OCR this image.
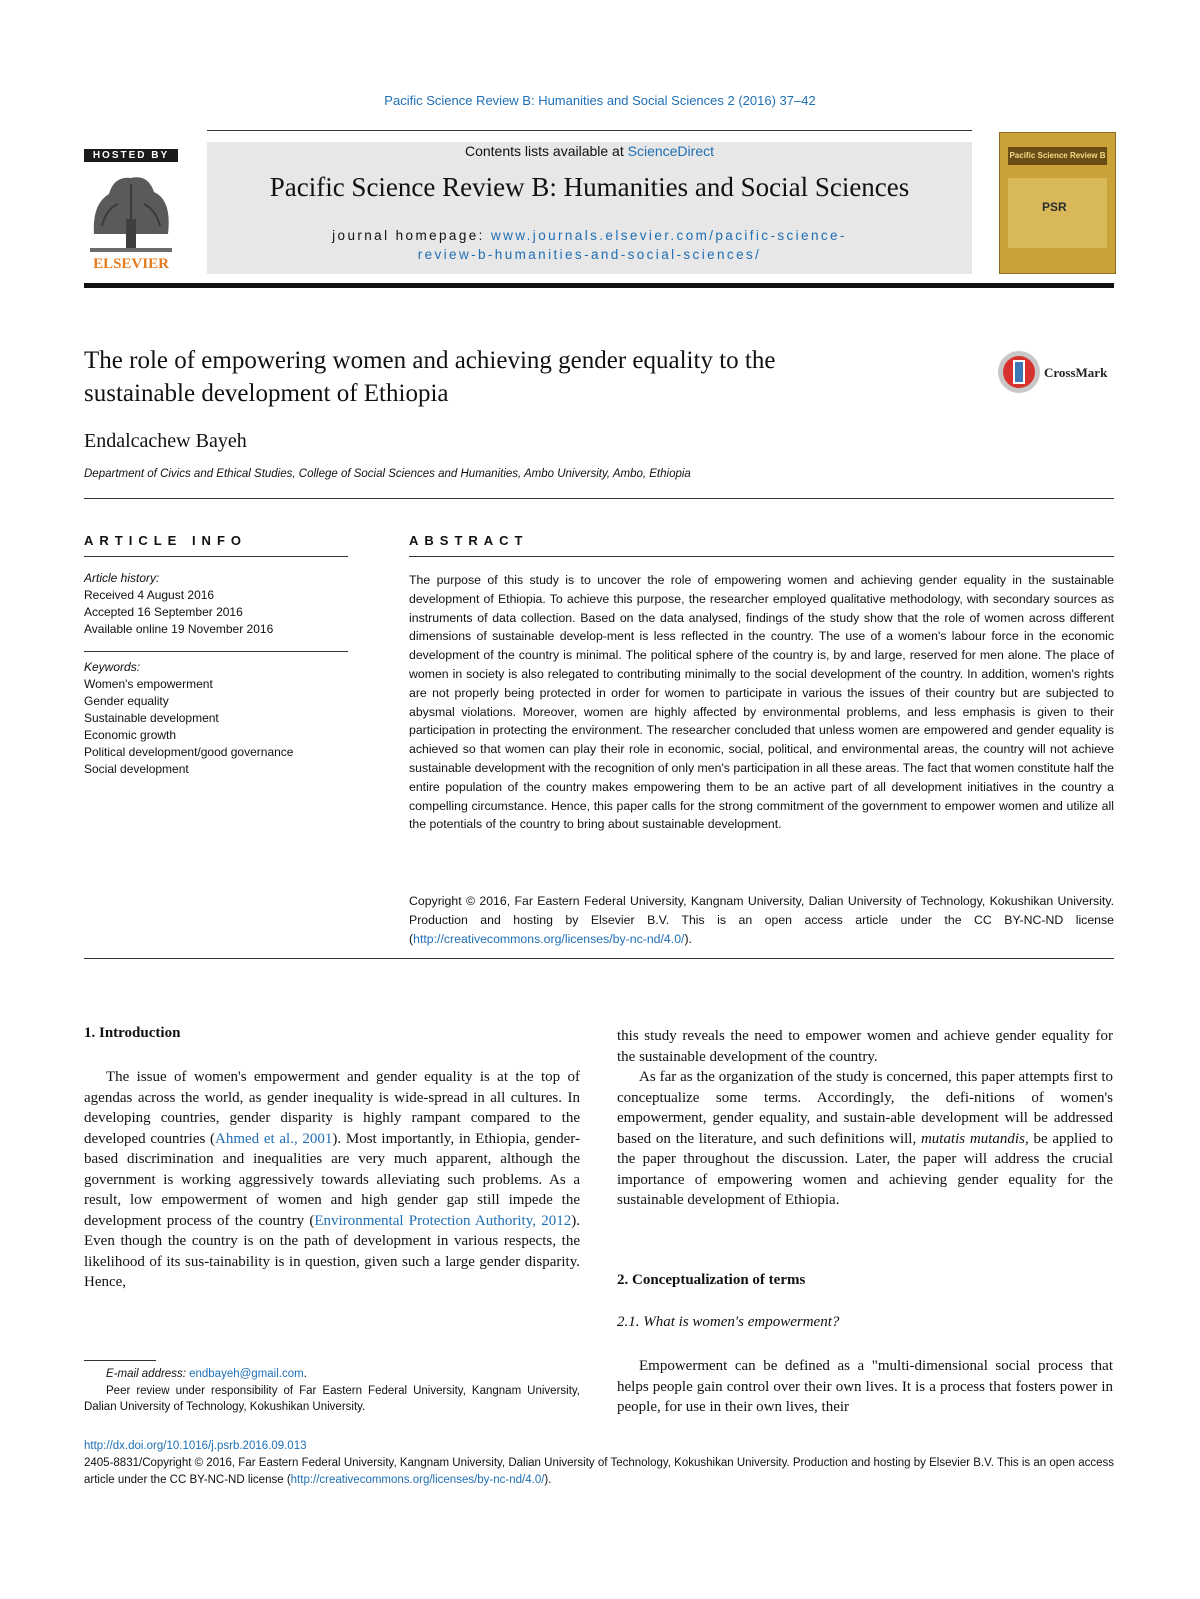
Pacific Science Review B: Humanities and Social Sciences 2 (2016) 37–42
HOSTED BY
ELSEVIER
Contents lists available at ScienceDirect
Pacific Science Review B: Humanities and Social Sciences
journal homepage: www.journals.elsevier.com/pacific-science-
review-b-humanities-and-social-sciences/
Pacific Science Review B
PSR
The role of empowering women and achieving gender equality to the
sustainable development of Ethiopia
CrossMark
Endalcachew Bayeh
Department of Civics and Ethical Studies, College of Social Sciences and Humanities, Ambo University, Ambo, Ethiopia
ARTICLE INFO
Article history:
Received 4 August 2016
Accepted 16 September 2016
Available online 19 November 2016
Keywords:
Women's empowerment
Gender equality
Sustainable development
Economic growth
Political development/good governance
Social development
ABSTRACT
The purpose of this study is to uncover the role of empowering women and achieving gender equality in the sustainable development of Ethiopia. To achieve this purpose, the researcher employed qualitative methodology, with secondary sources as instruments of data collection. Based on the data analysed, findings of the study show that the role of women across different dimensions of sustainable develop-ment is less reflected in the country. The use of a women's labour force in the economic development of the country is minimal. The political sphere of the country is, by and large, reserved for men alone. The place of women in society is also relegated to contributing minimally to the social development of the country. In addition, women's rights are not properly being protected in order for women to participate in various the issues of their country but are subjected to abysmal violations. Moreover, women are highly affected by environmental problems, and less emphasis is given to their participation in protecting the environment. The researcher concluded that unless women are empowered and gender equality is achieved so that women can play their role in economic, social, political, and environmental areas, the country will not achieve sustainable development with the recognition of only men's participation in all these areas. The fact that women constitute half the entire population of the country makes empowering them to be an active part of all development initiatives in the country a compelling circumstance. Hence, this paper calls for the strong commitment of the government to empower women and utilize all the potentials of the country to bring about sustainable development.
Copyright © 2016, Far Eastern Federal University, Kangnam University, Dalian University of Technology, Kokushikan University. Production and hosting by Elsevier B.V. This is an open access article under the CC BY-NC-ND license (http://creativecommons.org/licenses/by-nc-nd/4.0/).
1. Introduction

The issue of women's empowerment and gender equality is at the top of agendas across the world, as gender inequality is wide-spread in all cultures. In developing countries, gender disparity is highly rampant compared to the developed countries (Ahmed et al., 2001). Most importantly, in Ethiopia, gender-based discrimination and inequalities are very much apparent, although the government is working aggressively towards alleviating such problems. As a result, low empowerment of women and high gender gap still impede the development process of the country (Environmental Protection Authority, 2012). Even though the country is on the path of development in various respects, the likelihood of its sus-tainability is in question, given such a large gender disparity. Hence,

E-mail address: endbayeh@gmail.com.
Peer review under responsibility of Far Eastern Federal University, Kangnam University, Dalian University of Technology, Kokushikan University.

this study reveals the need to empower women and achieve gender equality for the sustainable development of the country.

As far as the organization of the study is concerned, this paper attempts first to conceptualize some terms. Accordingly, the defi-nitions of women's empowerment, gender equality, and sustain-able development will be addressed based on the literature, and such definitions will, mutatis mutandis, be applied to the paper throughout the discussion. Later, the paper will address the crucial importance of empowering women and achieving gender equality for the sustainable development of Ethiopia.

2. Conceptualization of terms
2.1. What is women's empowerment?

Empowerment can be defined as a "multi-dimensional social process that helps people gain control over their own lives. It is a process that fosters power in people, for use in their own lives, their

http://dx.doi.org/10.1016/j.psrb.2016.09.013
2405-8831/Copyright © 2016, Far Eastern Federal University, Kangnam University, Dalian University of Technology, Kokushikan University. Production and hosting by Elsevier B.V. This is an open access article under the CC BY-NC-ND license (http://creativecommons.org/licenses/by-nc-nd/4.0/).
